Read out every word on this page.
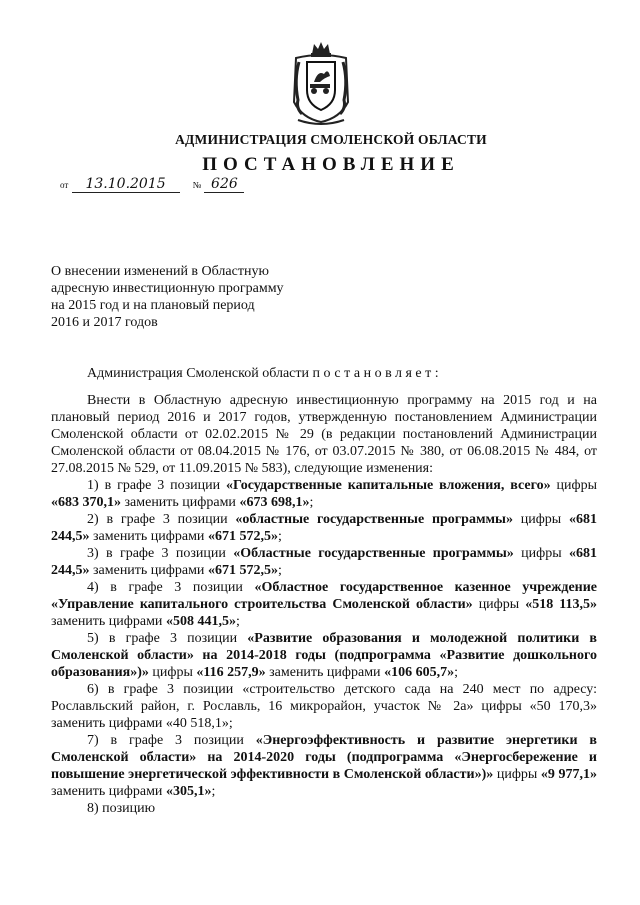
АДМИНИСТРАЦИЯ СМОЛЕНСКОЙ ОБЛАСТИ
ПОСТАНОВЛЕНИЕ
от 13.10.2015	№ 626
О внесении изменений в Областную
адресную инвестиционную программу
на 2015 год и на плановый период
2016 и 2017 годов
Администрация Смоленской области постановляет:

Внести в Областную адресную инвестиционную программу на 2015 год и на плановый период 2016 и 2017 годов, утвержденную постановлением Администрации Смоленской области от 02.02.2015 № 29 (в редакции постановлений Администрации Смоленской области от 08.04.2015 № 176, от 03.07.2015 № 380, от 06.08.2015 № 484, от 27.08.2015 № 529, от 11.09.2015 № 583), следующие изменения:

1) в графе 3 позиции «Государственные капитальные вложения, всего» цифры «683 370,1» заменить цифрами «673 698,1»;

2) в графе 3 позиции «областные государственные программы» цифры «681 244,5» заменить цифрами «671 572,5»;

3) в графе 3 позиции «Областные государственные программы» цифры «681 244,5» заменить цифрами «671 572,5»;

4) в графе 3 позиции «Областное государственное казенное учреждение «Управление капитального строительства Смоленской области» цифры «518 113,5» заменить цифрами «508 441,5»;

5) в графе 3 позиции «Развитие образования и молодежной политики в Смоленской области» на 2014-2018 годы (подпрограмма «Развитие дошкольного образования»)» цифры «116 257,9» заменить цифрами «106 605,7»;

6) в графе 3 позиции «строительство детского сада на 240 мест по адресу: Рославльский район, г. Рославль, 16 микрорайон, участок № 2а» цифры «50 170,3» заменить цифрами «40 518,1»;

7) в графе 3 позиции «Энергоэффективность и развитие энергетики в Смоленской области» на 2014-2020 годы (подпрограмма «Энергосбережение и повышение энергетической эффективности в Смоленской области»)» цифры «9 977,1» заменить цифрами «305,1»;

8) позицию
